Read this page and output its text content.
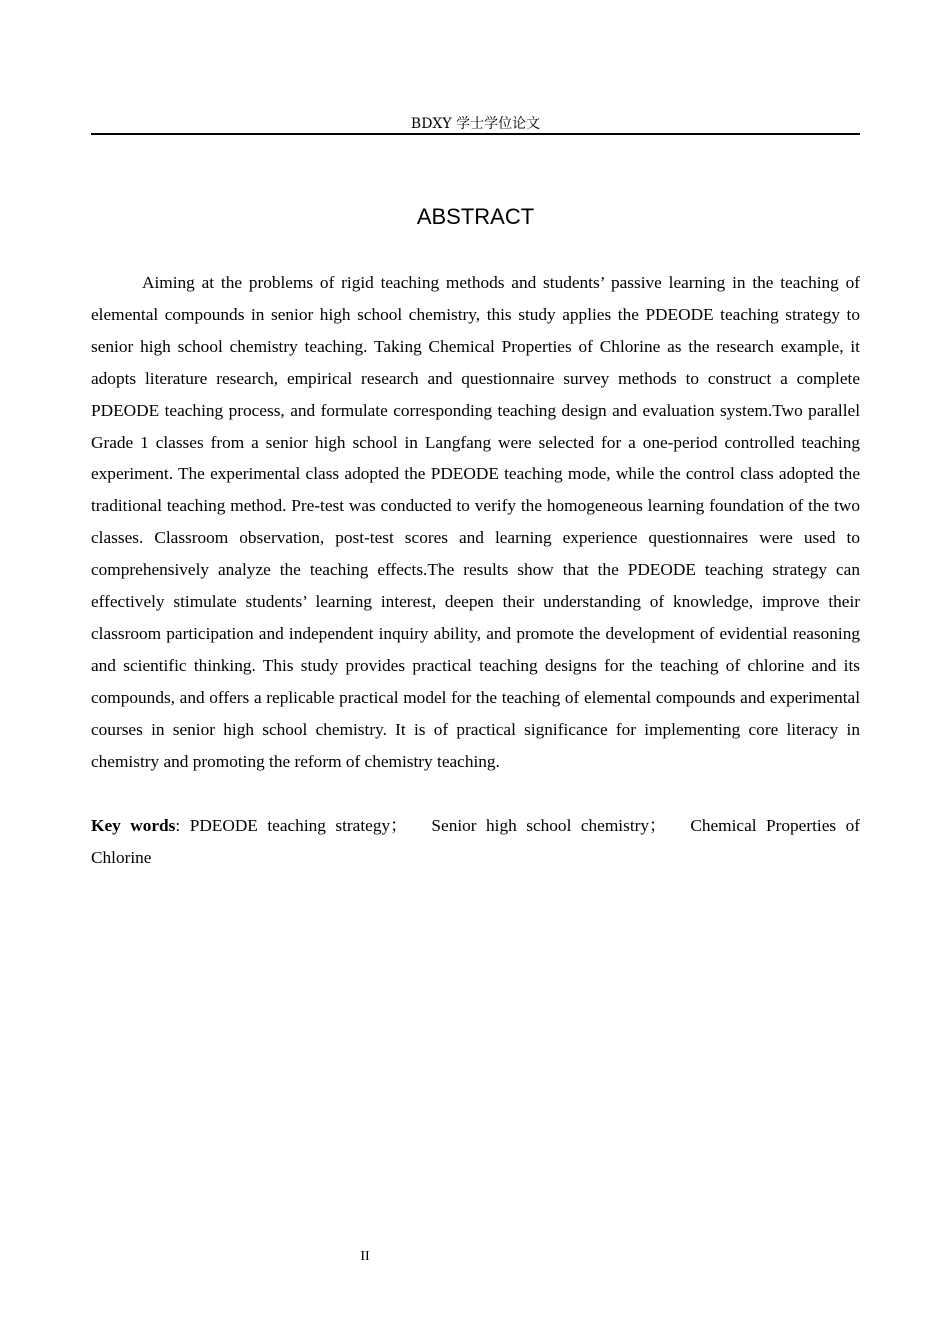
BDXY 学士学位论文
ABSTRACT

Aiming at the problems of rigid teaching methods and students’ passive learning in the teaching of elemental compounds in senior high school chemistry, this study applies the PDEODE teaching strategy to senior high school chemistry teaching. Taking Chemical Properties of Chlorine as the research example, it adopts literature research, empirical research and questionnaire survey methods to construct a complete PDEODE teaching process, and formulate corresponding teaching design and evaluation system.Two parallel Grade 1 classes from a senior high school in Langfang were selected for a one-period controlled teaching experiment. The experimental class adopted the PDEODE teaching mode, while the control class adopted the traditional teaching method. Pre-test was conducted to verify the homogeneous learning foundation of the two classes. Classroom observation, post-test scores and learning experience questionnaires were used to comprehensively analyze the teaching effects.The results show that the PDEODE teaching strategy can effectively stimulate students’ learning interest, deepen their understanding of knowledge, improve their classroom participation and independent inquiry ability, and promote the development of evidential reasoning and scientific thinking. This study provides practical teaching designs for the teaching of chlorine and its compounds, and offers a replicable practical model for the teaching of elemental compounds and experimental courses in senior high school chemistry. It is of practical significance for implementing core literacy in chemistry and promoting the reform of chemistry teaching.

Key words: PDEODE teaching strategy； Senior high school chemistry； Chemical Properties of Chlorine

II
